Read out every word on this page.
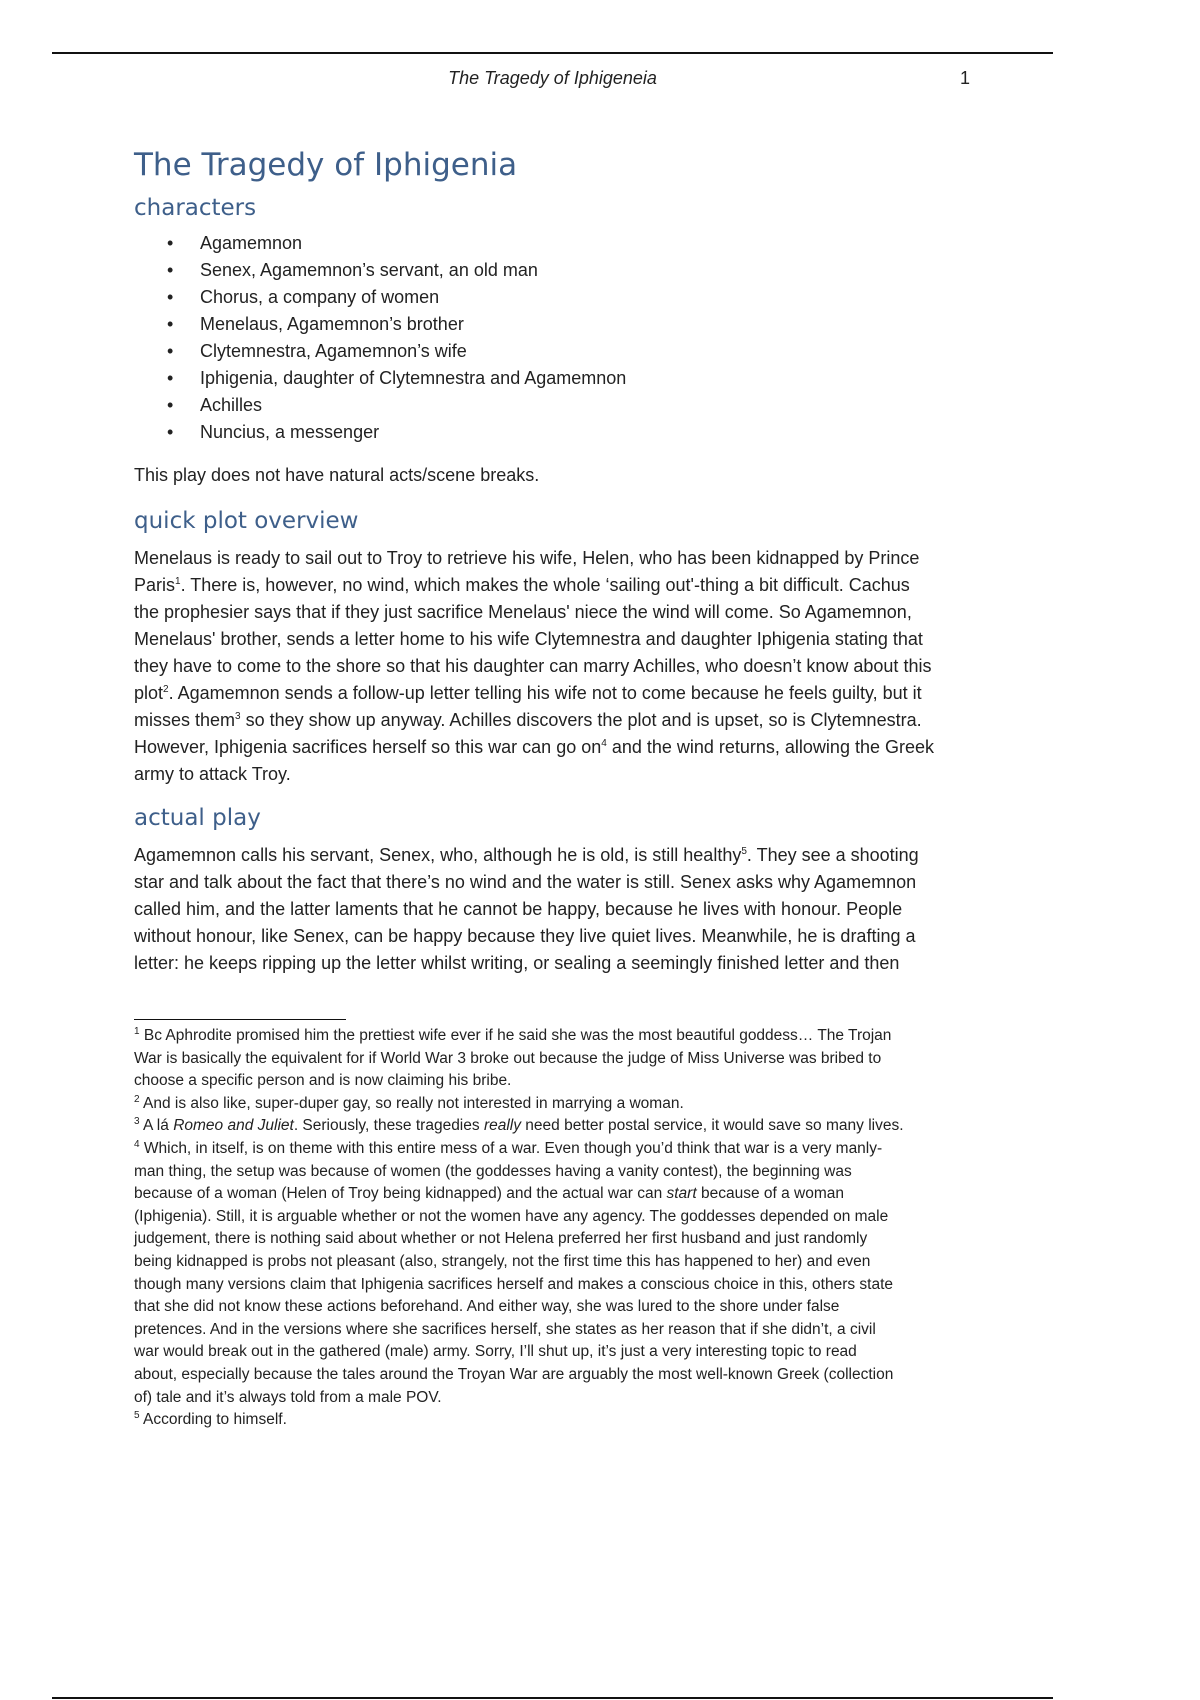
The Tragedy of Iphigeneia	1
The Tragedy of Iphigenia
characters
• Agamemnon
• Senex, Agamemnon’s servant, an old man
• Chorus, a company of women
• Menelaus, Agamemnon’s brother
• Clytemnestra, Agamemnon’s wife
• Iphigenia, daughter of Clytemnestra and Agamemnon
• Achilles
• Nuncius, a messenger

This play does not have natural acts/scene breaks.

quick plot overview
Menelaus is ready to sail out to Troy to retrieve his wife, Helen, who has been kidnapped by Prince
Paris$^1$. There is, however, no wind, which makes the whole ‘sailing out'-thing a bit difficult. Cachus
the prophesier says that if they just sacrifice Menelaus' niece the wind will come. So Agamemnon,
Menelaus' brother, sends a letter home to his wife Clytemnestra and daughter Iphigenia stating that
they have to come to the shore so that his daughter can marry Achilles, who doesn’t know about this
plot$^2$. Agamemnon sends a follow-up letter telling his wife not to come because he feels guilty, but it
misses them$^3$ so they show up anyway. Achilles discovers the plot and is upset, so is Clytemnestra.
However, Iphigenia sacrifices herself so this war can go $on^4$ and the wind returns, allowing the Greek
army to attack Troy.
actual play
Agamemnon calls his servant, Senex, who, although he is old, is still healthy$^5$. They see a shooting
star and talk about the fact that there’s no wind and the water is still. Senex asks why Agamemnon
called him, and the latter laments that he cannot be happy, because he lives with honour. People
without honour, like Senex, can be happy because they live quiet lives. Meanwhile, he is drafting a
letter: he keeps ripping up the letter whilst writing, or sealing a seemingly finished letter and then
$^1$ Bc Aphrodite promised him the prettiest wife ever if he said she was the most beautiful goddess… The Trojan
War is basically the equivalent for if World War 3 broke out because the judge of Miss Universe was bribed to
choose a specific person and is now claiming his bribe.
$^2$ And is also like, super-duper gay, so really not interested in marrying a woman.
$^3$ A lá Romeo and Juliet. Seriously, these tragedies really need better postal service, it would save so many lives.
$^4$ Which, in itself, is on theme with this entire mess of a war. Even though you’d think that war is a very manly-
man thing, the setup was because of women (the goddesses having a vanity contest), the beginning was
because of a woman (Helen of Troy being kidnapped) and the actual war can start because of a woman
(Iphigenia). Still, it is arguable whether or not the women have any agency. The goddesses depended on male
judgement, there is nothing said about whether or not Helena preferred her first husband and just randomly
being kidnapped is probs not pleasant (also, strangely, not the first time this has happened to her) and even
though many versions claim that Iphigenia sacrifices herself and makes a conscious choice in this, others state
that she did not know these actions beforehand. And either way, she was lured to the shore under false
pretences. And in the versions where she sacrifices herself, she states as her reason that if she didn’t, a civil
war would break out in the gathered (male) army. Sorry, I’ll shut up, it’s just a very interesting topic to read
about, especially because the tales around the Troyan War are arguably the most well-known Greek (collection
of) tale and it’s always told from a male POV.
$^5$ According to himself.
